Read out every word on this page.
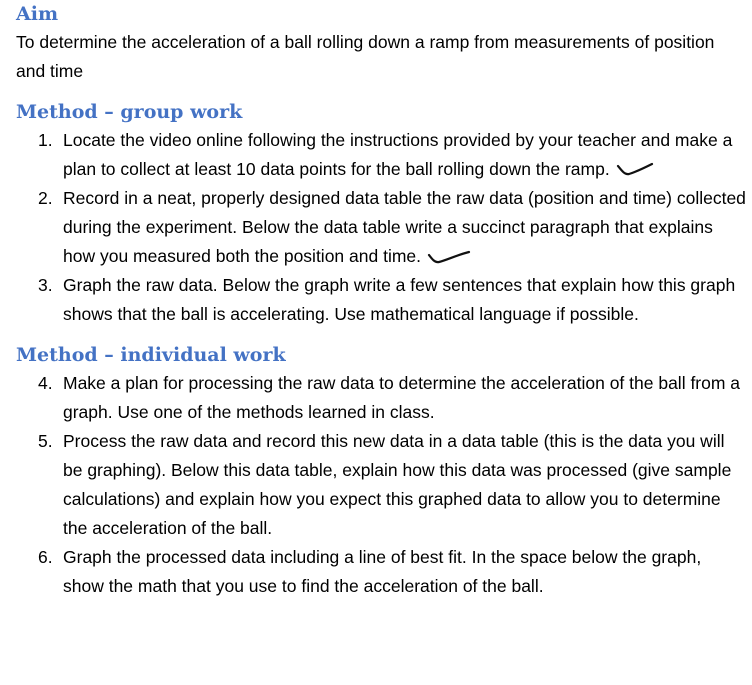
Aim

To determine the acceleration of a ball rolling down a ramp from measurements of position and time

Method – group work
1. Locate the video online following the instructions provided by your teacher and make a plan to collect at least 10 data points for the ball rolling down the ramp.
2. Record in a neat, properly designed data table the raw data (position and time) collected during the experiment. Below the data table write a succinct paragraph that explains how you measured both the position and time.
3. Graph the raw data. Below the graph write a few sentences that explain how this graph shows that the ball is accelerating. Use mathematical language if possible.
Method – individual work
4. Make a plan for processing the raw data to determine the acceleration of the ball from a graph. Use one of the methods learned in class.
5. Process the raw data and record this new data in a data table (this is the data you will be graphing). Below this data table, explain how this data was processed (give sample calculations) and explain how you expect this graphed data to allow you to determine the acceleration of the ball.
6. Graph the processed data including a line of best fit. In the space below the graph, show the math that you use to find the acceleration of the ball.
